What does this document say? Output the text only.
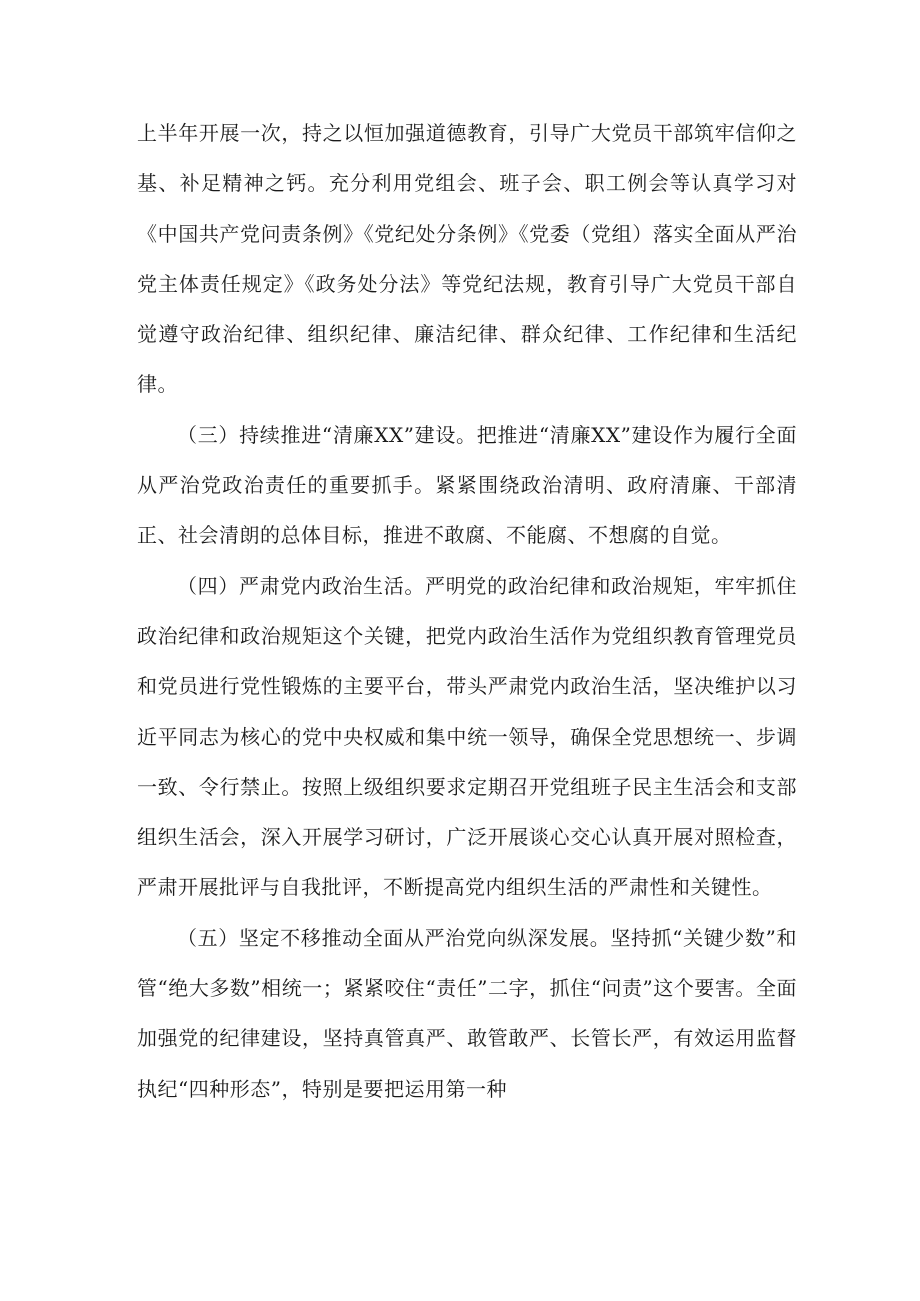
上半年开展一次，持之以恒加强道德教育，引导广大党员干部筑牢信仰之基、补足精神之钙。充分利用党组会、班子会、职工例会等认真学习对《中国共产党问责条例》《党纪处分条例》《党委（党组）落实全面从严治党主体责任规定》《政务处分法》等党纪法规，教育引导广大党员干部自觉遵守政治纪律、组织纪律、廉洁纪律、群众纪律、工作纪律和生活纪律。

（三）持续推进“清廉XX”建设。把推进“清廉XX”建设作为履行全面从严治党政治责任的重要抓手。紧紧围绕政治清明、政府清廉、干部清正、社会清朗的总体目标，推进不敢腐、不能腐、不想腐的自觉。

（四）严肃党内政治生活。严明党的政治纪律和政治规矩，牢牢抓住政治纪律和政治规矩这个关键，把党内政治生活作为党组织教育管理党员和党员进行党性锻炼的主要平台，带头严肃党内政治生活，坚决维护以习近平同志为核心的党中央权威和集中统一领导，确保全党思想统一、步调一致、令行禁止。按照上级组织要求定期召开党组班子民主生活会和支部组织生活会，深入开展学习研讨，广泛开展谈心交心认真开展对照检查，严肃开展批评与自我批评，不断提高党内组织生活的严肃性和关键性。

（五）坚定不移推动全面从严治党向纵深发展。坚持抓“关键少数”和管“绝大多数”相统一；紧紧咬住“责任”二字，抓住“问责”这个要害。全面加强党的纪律建设，坚持真管真严、敢管敢严、长管长严，有效运用监督执纪“四种形态”，特别是要把运用第一种
